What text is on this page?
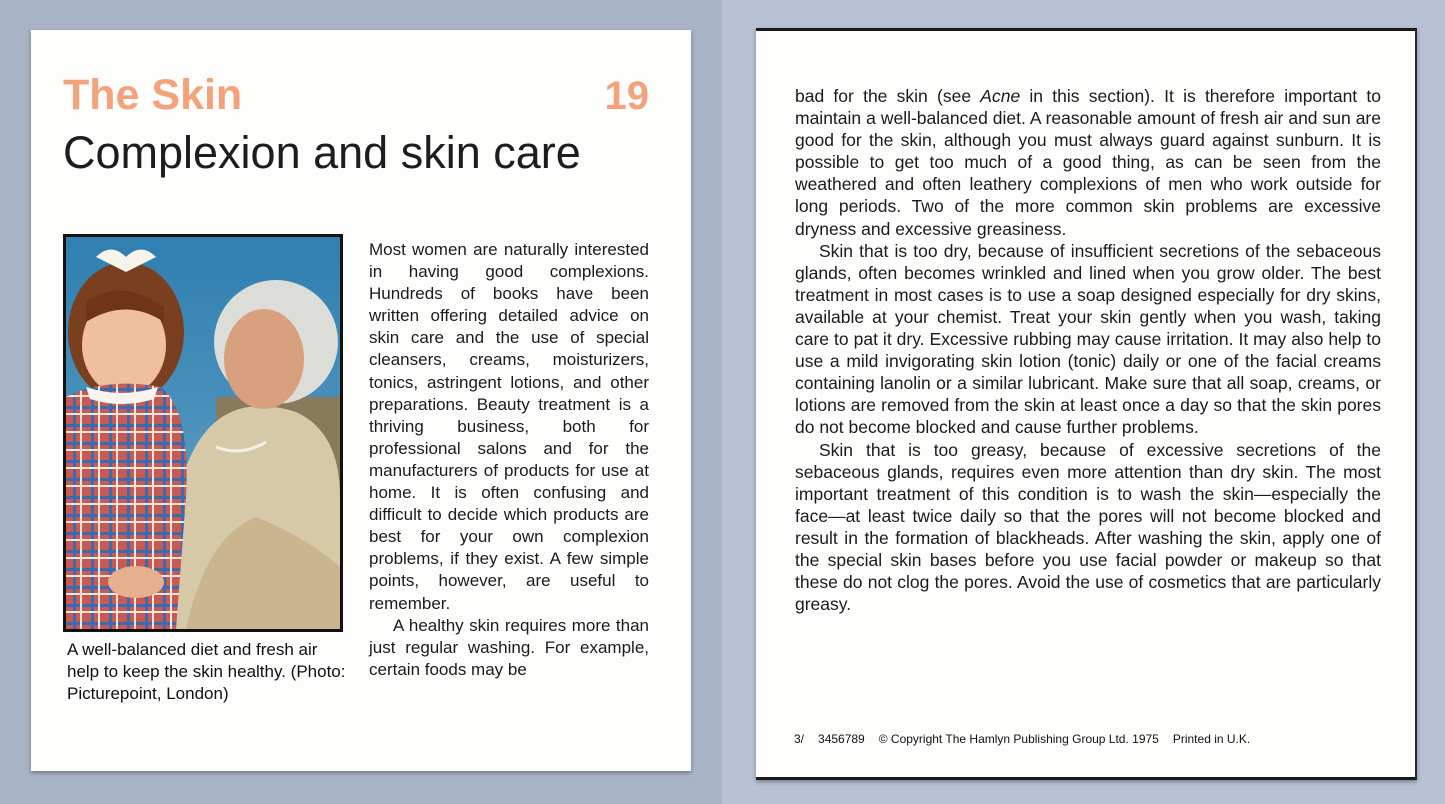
The Skin	19
Complexion and skin care
A well-balanced diet and fresh air help to keep the skin healthy. (Photo: Picturepoint, London)

Most women are naturally interested in having good complexions. Hundreds of books have been written offering detailed advice on skin care and the use of special cleansers, creams, moisturizers, tonics, astringent lotions, and other preparations. Beauty treatment is a thriving business, both for professional salons and for the manufacturers of products for use at home. It is often confusing and difficult to decide which products are best for your own complexion problems, if they exist. A few simple points, however, are useful to remember.

A healthy skin requires more than just regular washing. For example, certain foods may be

bad for the skin (see Acne in this section). It is therefore important to maintain a well-balanced diet. A reasonable amount of fresh air and sun are good for the skin, although you must always guard against sunburn. It is possible to get too much of a good thing, as can be seen from the weathered and often leathery complexions of men who work outside for long periods. Two of the more common skin problems are excessive dryness and excessive greasiness.

Skin that is too dry, because of insufficient secretions of the sebaceous glands, often becomes wrinkled and lined when you grow older. The best treatment in most cases is to use a soap designed especially for dry skins, available at your chemist. Treat your skin gently when you wash, taking care to pat it dry. Excessive rubbing may cause irritation. It may also help to use a mild invigorating skin lotion (tonic) daily or one of the facial creams containing lanolin or a similar lubricant. Make sure that all soap, creams, or lotions are removed from the skin at least once a day so that the skin pores do not become blocked and cause further problems.

Skin that is too greasy, because of excessive secretions of the sebaceous glands, requires even more attention than dry skin. The most important treatment of this condition is to wash the skin—especially the face—at least twice daily so that the pores will not become blocked and result in the formation of blackheads. After washing the skin, apply one of the special skin bases before you use facial powder or makeup so that these do not clog the pores. Avoid the use of cosmetics that are particularly greasy.

3/ 3456789 © Copyright The Hamlyn Publishing Group Ltd. 1975 Printed in U.K.
